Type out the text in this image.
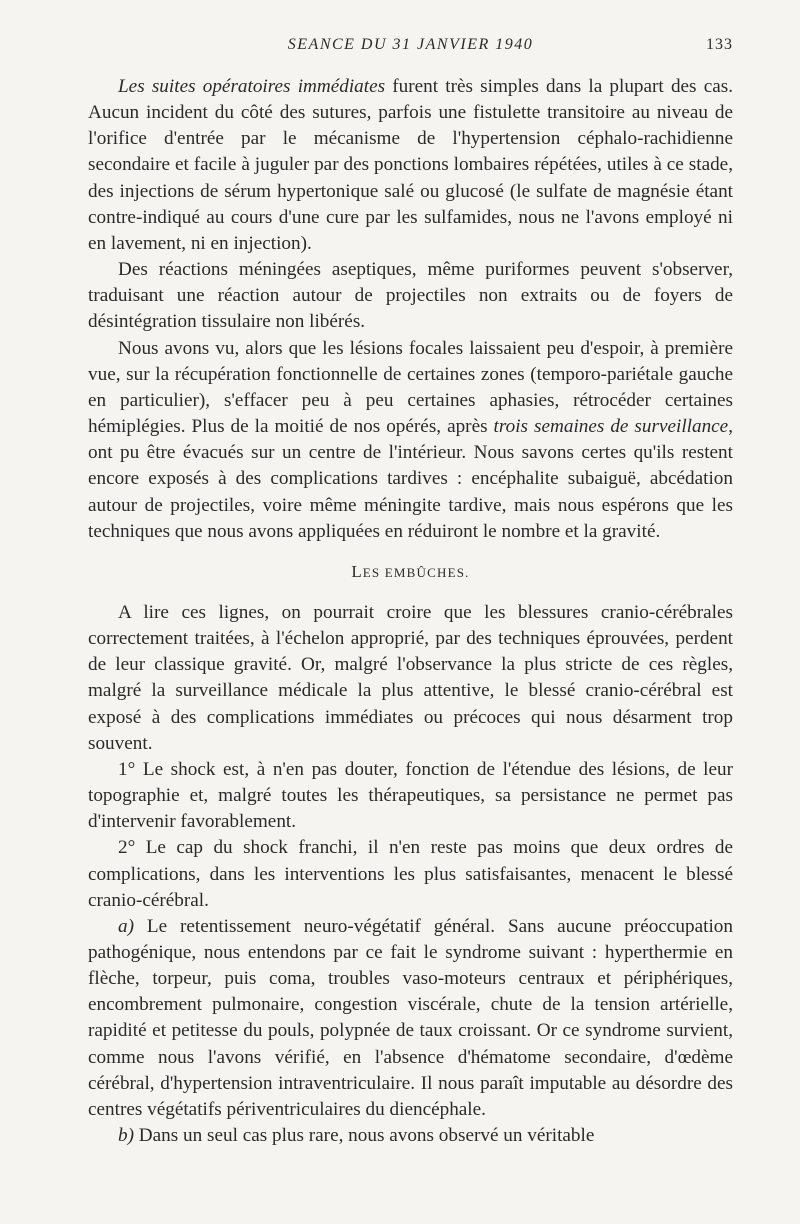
SEANCE DU 31 JANVIER 1940	133

Les suites opératoires immédiates furent très simples dans la plupart des cas. Aucun incident du côté des sutures, parfois une fistulette transitoire au niveau de l'orifice d'entrée par le mécanisme de l'hypertension céphalo-rachidienne secondaire et facile à juguler par des ponctions lombaires répétées, utiles à ce stade, des injections de sérum hypertonique salé ou glucosé (le sulfate de magnésie étant contre-indiqué au cours d'une cure par les sulfamides, nous ne l'avons employé ni en lavement, ni en injection).

Des réactions méningées aseptiques, même puriformes peuvent s'observer, traduisant une réaction autour de projectiles non extraits ou de foyers de désintégration tissulaire non libérés.

Nous avons vu, alors que les lésions focales laissaient peu d'espoir, à première vue, sur la récupération fonctionnelle de certaines zones (temporo-pariétale gauche en particulier), s'effacer peu à peu certaines aphasies, rétrocéder certaines hémiplégies. Plus de la moitié de nos opérés, après trois semaines de surveillance, ont pu être évacués sur un centre de l'intérieur. Nous savons certes qu'ils restent encore exposés à des complications tardives : encéphalite subaiguë, abcédation autour de projectiles, voire même méningite tardive, mais nous espérons que les techniques que nous avons appliquées en réduiront le nombre et la gravité.

LES EMBÛCHES.

A lire ces lignes, on pourrait croire que les blessures cranio-cérébrales correctement traitées, à l'échelon approprié, par des techniques éprouvées, perdent de leur classique gravité. Or, malgré l'observance la plus stricte de ces règles, malgré la surveillance médicale la plus attentive, le blessé cranio-cérébral est exposé à des complications immédiates ou précoces qui nous désarment trop souvent.

1° Le shock est, à n'en pas douter, fonction de l'étendue des lésions, de leur topographie et, malgré toutes les thérapeutiques, sa persistance ne permet pas d'intervenir favorablement.

2° Le cap du shock franchi, il n'en reste pas moins que deux ordres de complications, dans les interventions les plus satisfaisantes, menacent le blessé cranio-cérébral.

a) Le retentissement neuro-végétatif général. Sans aucune préoccupation pathogénique, nous entendons par ce fait le syndrome suivant : hyperthermie en flèche, torpeur, puis coma, troubles vaso-moteurs centraux et périphériques, encombrement pulmonaire, congestion viscérale, chute de la tension artérielle, rapidité et petitesse du pouls, polypnée de taux croissant. Or ce syndrome survient, comme nous l'avons vérifié, en l'absence d'hématome secondaire, d'œdème cérébral, d'hypertension intraventriculaire. Il nous paraît imputable au désordre des centres végétatifs périventriculaires du diencéphale.

b) Dans un seul cas plus rare, nous avons observé un véritable
